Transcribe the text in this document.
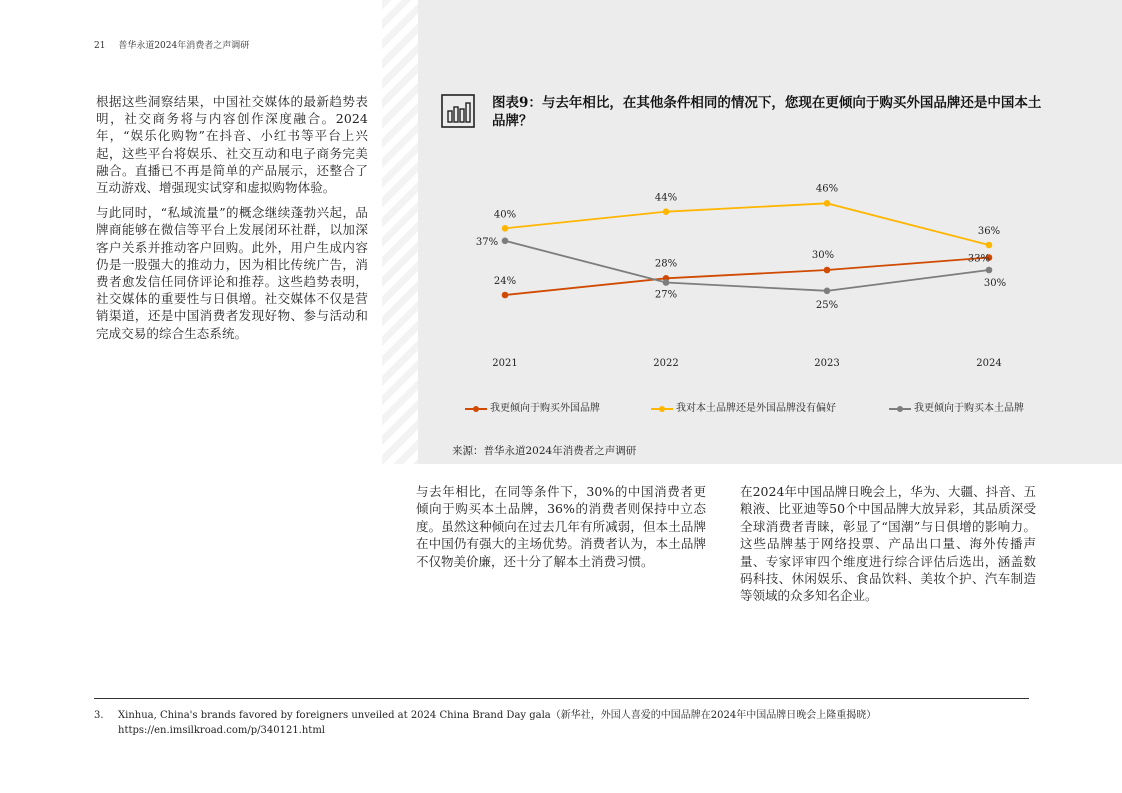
21 普华永道2024年消费者之声调研

根据这些洞察结果，中国社交媒体的最新趋势表明，社交商务将与内容创作深度融合。2024年，“娱乐化购物”在抖音、小红书等平台上兴起，这些平台将娱乐、社交互动和电子商务完美融合。直播已不再是简单的产品展示，还整合了互动游戏、增强现实试穿和虚拟购物体验。

与此同时，“私域流量”的概念继续蓬勃兴起，品牌商能够在微信等平台上发展闭环社群，以加深客户关系并推动客户回购。此外，用户生成内容仍是一股强大的推动力，因为相比传统广告，消费者愈发信任同侪评论和推荐。这些趋势表明，社交媒体的重要性与日俱增。社交媒体不仅是营销渠道，还是中国消费者发现好物、参与活动和完成交易的综合生态系统。

图表9：与去年相比，在其他条件相同的情况下，您现在更倾向于购买外国品牌还是中国本土品牌？
24%
28%
30%	33%
40%
44%
46%
36%
37%
27%
25%
30%
2021	2022	2023	2024
我更倾向于购买外国品牌	我对本土品牌还是外国品牌没有偏好	我更倾向于购买本土品牌
来源：普华永道2024年消费者之声调研

与去年相比，在同等条件下，30%的中国消费者更倾向于购买本土品牌，36%的消费者则保持中立态度。虽然这种倾向在过去几年有所减弱，但本土品牌在中国仍有强大的主场优势。消费者认为，本土品牌不仅物美价廉，还十分了解本土消费习惯。

在2024年中国品牌日晚会上，华为、大疆、抖音、五粮液、比亚迪等50个中国品牌大放异彩，其品质深受全球消费者青睐，彰显了“国潮”与日俱增的影响力。这些品牌基于网络投票、产品出口量、海外传播声量、专家评审四个维度进行综合评估后选出，涵盖数码科技、休闲娱乐、食品饮料、美妆个护、汽车制造等领域的众多知名企业。

3. Xinhua, China's brands favored by foreigners unveiled at 2024 China Brand Day gala（新华社，外国人喜爱的中国品牌在2024年中国品牌日晚会上隆重揭晓）
https://en.imsilkroad.com/p/340121.html
